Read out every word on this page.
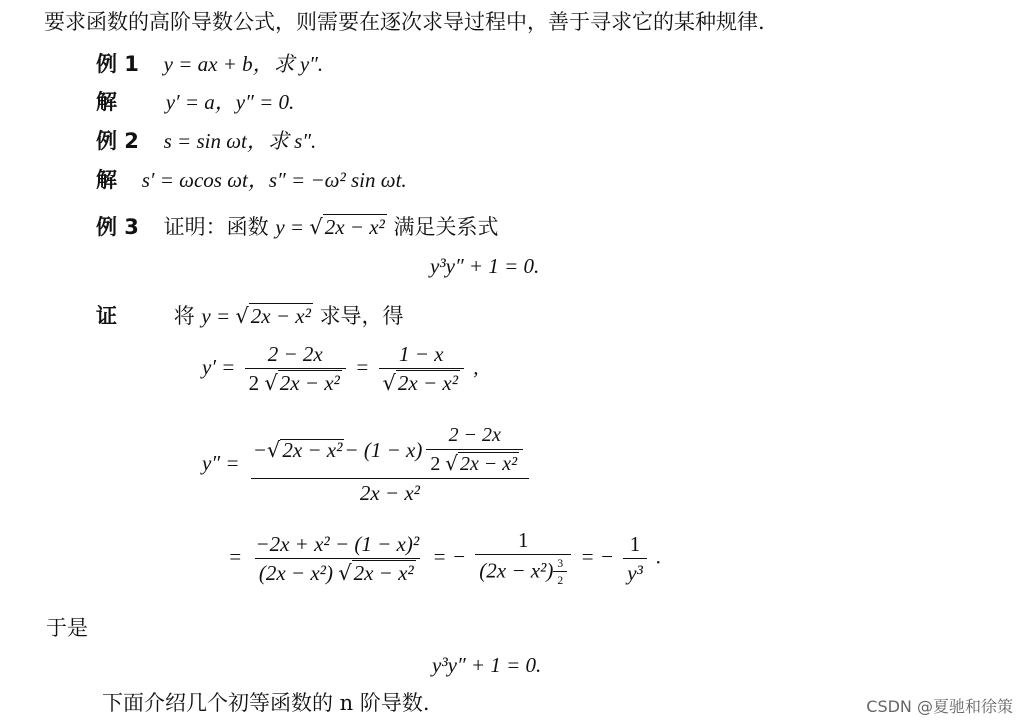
要求函数的高阶导数公式，则需要在逐次求导过程中，善于寻求它的某种规律.
例 1 y = ax + b，求 y″.
解 y′ = a，y″ = 0.
例 2 s = sin ωt，求 s″.
解 s′ = ωcos ωt，s″ = −ω² sin ωt.
例 3 证明：函数 y = √2x − x² 满足关系式
y³y″ + 1 = 0.
证	将 y = √2x − x² 求导，得
$y' = \frac{2 - 2x}{\text{2 √2x − x²}} = \frac{1 - x}{\text{√2x − x²}}$ ,
y″ =
− √ $2x - x^2 - (1 - x) \frac{2 - 2x}{\text{2 √ 2x − x²}}$
2x − x²
= $\frac{\text{−2x + x² − (1 − x)²}}{\text{(2x − x²) √2x − x²}}$ = − $\frac{1}{(2x - x^2) \frac{3}{2}}$ = − $\frac{1}{\text{y³}}$ .
于是
y³y″ + 1 = 0.
下面介绍几个初等函数的 n 阶导数.	CSDN @夏驰和徐策
